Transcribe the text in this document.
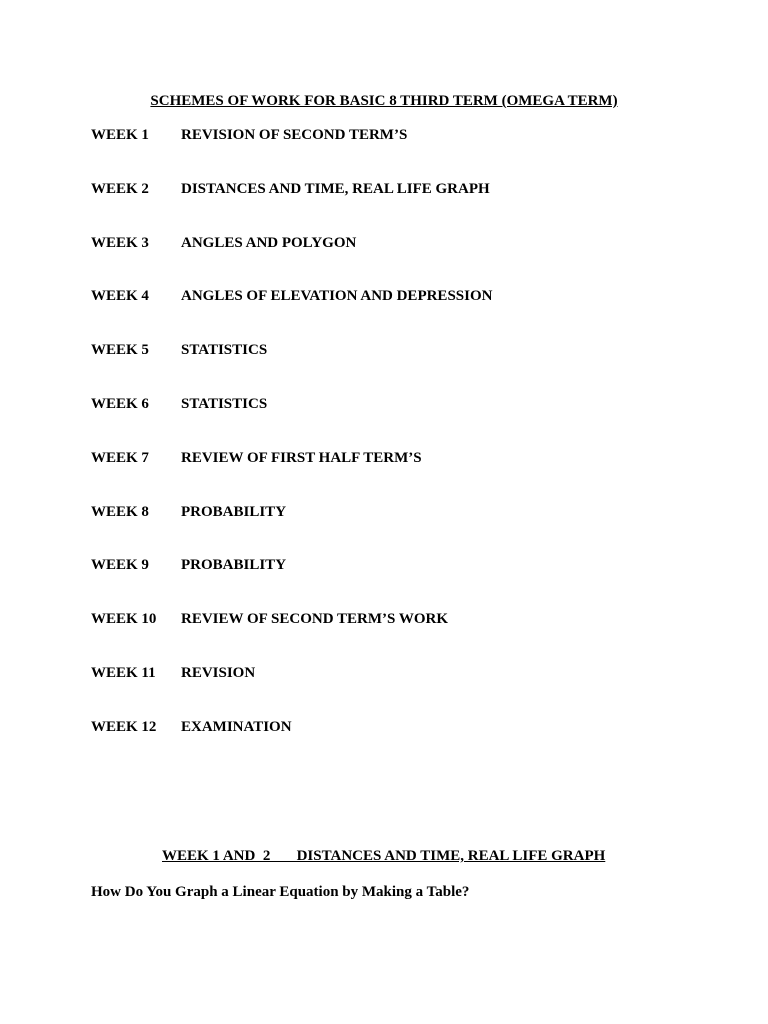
SCHEMES OF WORK FOR BASIC 8 THIRD TERM (OMEGA TERM)
WEEK 1 REVISION OF SECOND TERM’S
WEEK 2 DISTANCES AND TIME, REAL LIFE GRAPH
WEEK 3 ANGLES AND POLYGON
WEEK 4 ANGLES OF ELEVATION AND DEPRESSION
WEEK 5 STATISTICS
WEEK 6 STATISTICS
WEEK 7 REVIEW OF FIRST HALF TERM’S
WEEK 8 PROBABILITY
WEEK 9 PROBABILITY
WEEK 10 REVIEW OF SECOND TERM’S WORK
WEEK 11 REVISION
WEEK 12 EXAMINATION
WEEK 1 AND  2       DISTANCES AND TIME, REAL LIFE GRAPH
How Do You Graph a Linear Equation by Making a Table?
